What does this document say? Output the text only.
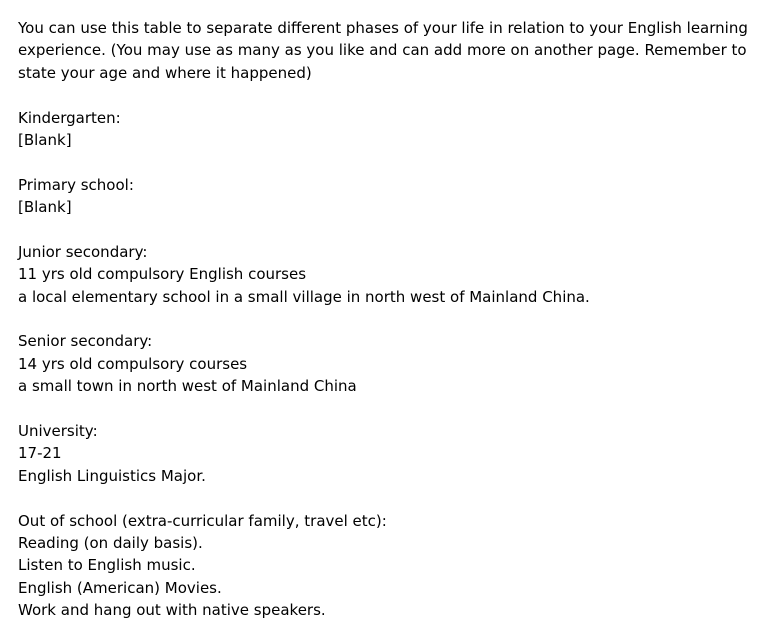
You can use this table to separate different phases of your life in relation to your English learning
experience. (You may use as many as you like and can add more on another page. Remember to
state your age and where it happened)
Kindergarten:
[Blank]
Primary school:
[Blank]
Junior secondary:
11 yrs old compulsory English courses
a local elementary school in a small village in north west of Mainland China.
Senior secondary:
14 yrs old compulsory courses
a small town in north west of Mainland China
University:
17-21
English Linguistics Major.
Out of school (extra-curricular family, travel etc):
Reading (on daily basis).
Listen to English music.
English (American) Movies.
Work and hang out with native speakers.
